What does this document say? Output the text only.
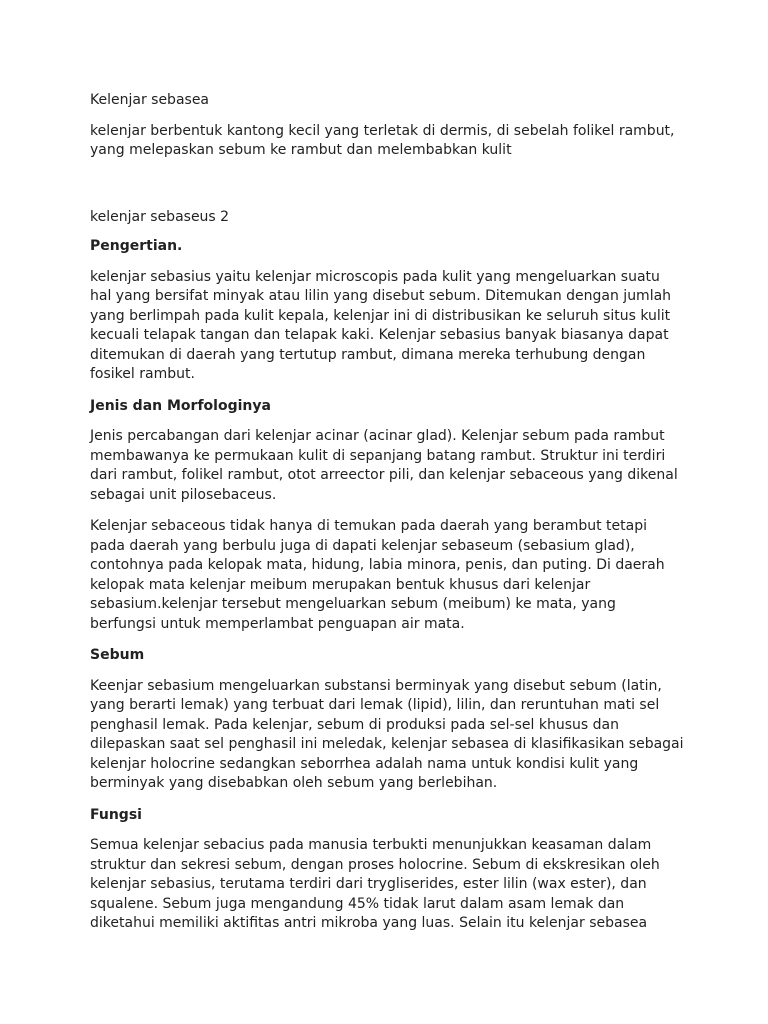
Kelenjar sebasea

kelenjar berbentuk kantong kecil yang terletak di dermis, di sebelah folikel rambut,
yang melepaskan sebum ke rambut dan melembabkan kulit

kelenjar sebaseus 2

Pengertian.

kelenjar sebasius yaitu kelenjar microscopis pada kulit yang mengeluarkan suatu
hal yang bersifat minyak atau lilin yang disebut sebum. Ditemukan dengan jumlah
yang berlimpah pada kulit kepala, kelenjar ini di distribusikan ke seluruh situs kulit
kecuali telapak tangan dan telapak kaki. Kelenjar sebasius banyak biasanya dapat
ditemukan di daerah yang tertutup rambut, dimana mereka terhubung dengan
fosikel rambut.

Jenis dan Morfologinya

Jenis percabangan dari kelenjar acinar (acinar glad). Kelenjar sebum pada rambut
membawanya ke permukaan kulit di sepanjang batang rambut. Struktur ini terdiri
dari rambut, folikel rambut, otot arreector pili, dan kelenjar sebaceous yang dikenal
sebagai unit pilosebaceus.

Kelenjar sebaceous tidak hanya di temukan pada daerah yang berambut tetapi
pada daerah yang berbulu juga di dapati kelenjar sebaseum (sebasium glad),
contohnya pada kelopak mata, hidung, labia minora, penis, dan puting. Di daerah
kelopak mata kelenjar meibum merupakan bentuk khusus dari kelenjar
sebasium.kelenjar tersebut mengeluarkan sebum (meibum) ke mata, yang
berfungsi untuk memperlambat penguapan air mata.

Sebum

Keenjar sebasium mengeluarkan substansi berminyak yang disebut sebum (latin,
yang berarti lemak) yang terbuat dari lemak (lipid), lilin, dan reruntuhan mati sel
penghasil lemak. Pada kelenjar, sebum di produksi pada sel-sel khusus dan
dilepaskan saat sel penghasil ini meledak, kelenjar sebasea di klasifikasikan sebagai
kelenjar holocrine sedangkan seborrhea adalah nama untuk kondisi kulit yang
berminyak yang disebabkan oleh sebum yang berlebihan.

Fungsi

Semua kelenjar sebacius pada manusia terbukti menunjukkan keasaman dalam
struktur dan sekresi sebum, dengan proses holocrine. Sebum di ekskresikan oleh
kelenjar sebasius, terutama terdiri dari trygliserides, ester lilin (wax ester), dan
squalene. Sebum juga mengandung 45% tidak larut dalam asam lemak dan
diketahui memiliki aktifitas antri mikroba yang luas. Selain itu kelenjar sebasea
